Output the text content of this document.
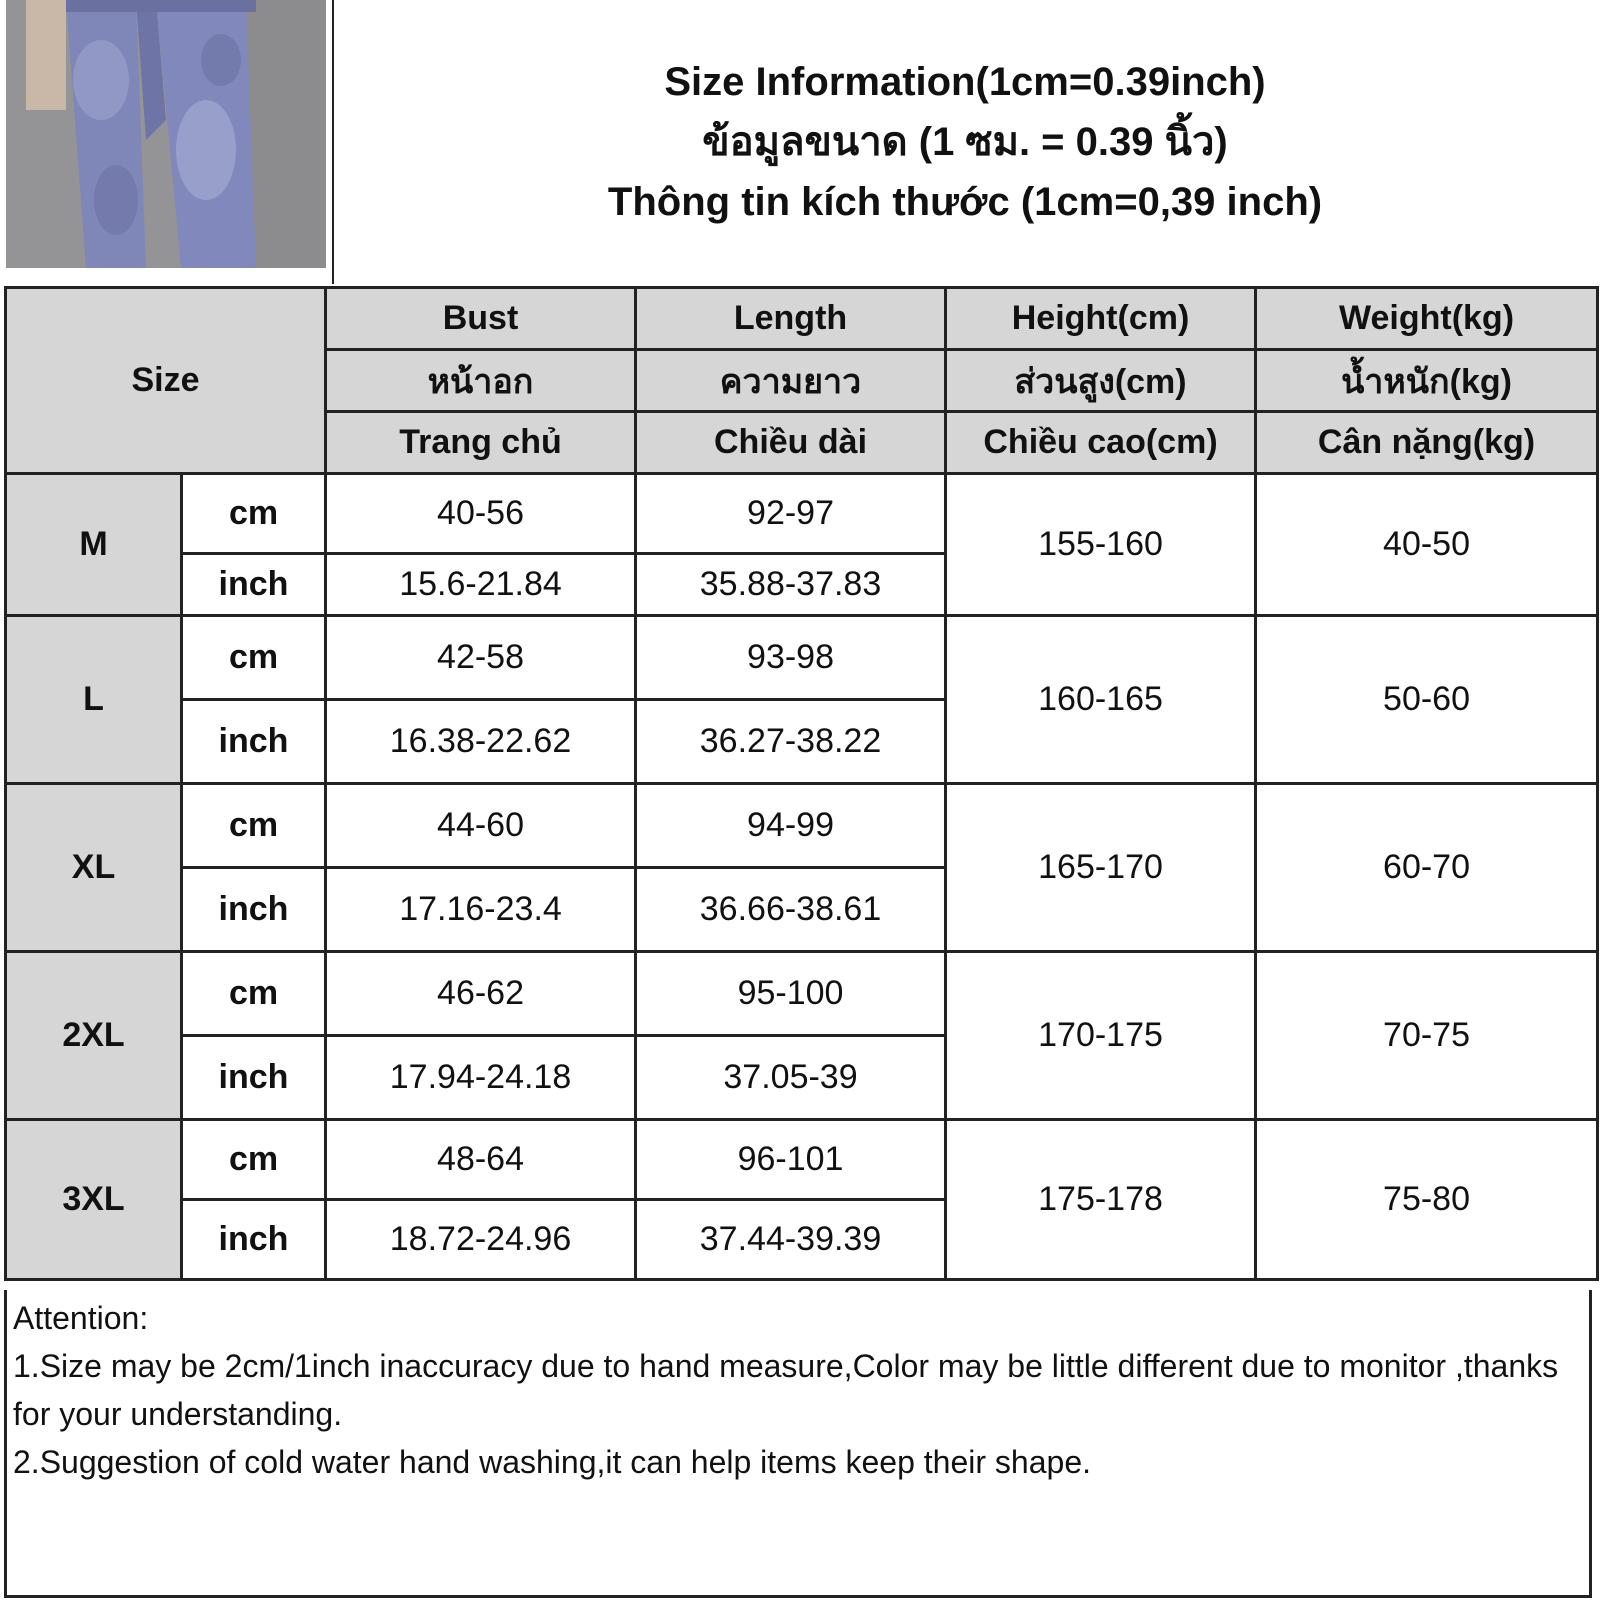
Size Information(1cm=0.39inch)
ข้อมูลขนาด (1 ซม. = 0.39 นิ้ว)
Thông tin kích thước (1cm=0,39 inch)
Size		Bust	Length	Height(cm)	Weight(kg)
		หน้าอก	ความยาว	ส่วนสูง(cm)	น้ำหนัก(kg)
		Trang chủ	Chiều dài	Chiều cao(cm)	Cân nặng(kg)
M	cm	40-56	92-97	155-160	40-50
	inch	15.6-21.84	35.88-37.83		
L	cm	42-58	93-98	160-165	50-60
	inch	16.38-22.62	36.27-38.22		
XL	cm	44-60	94-99	165-170	60-70
	inch	17.16-23.4	36.66-38.61		
2XL	cm	46-62	95-100	170-175	70-75
	inch	17.94-24.18	37.05-39		
3XL	cm	48-64	96-101	175-178	75-80
	inch	18.72-24.96	37.44-39.39		
Attention:
1.Size may be 2cm/1inch inaccuracy due to hand measure,Color may be little different due to monitor ,thanks for your understanding.
2.Suggestion of cold water hand washing,it can help items keep their shape.
